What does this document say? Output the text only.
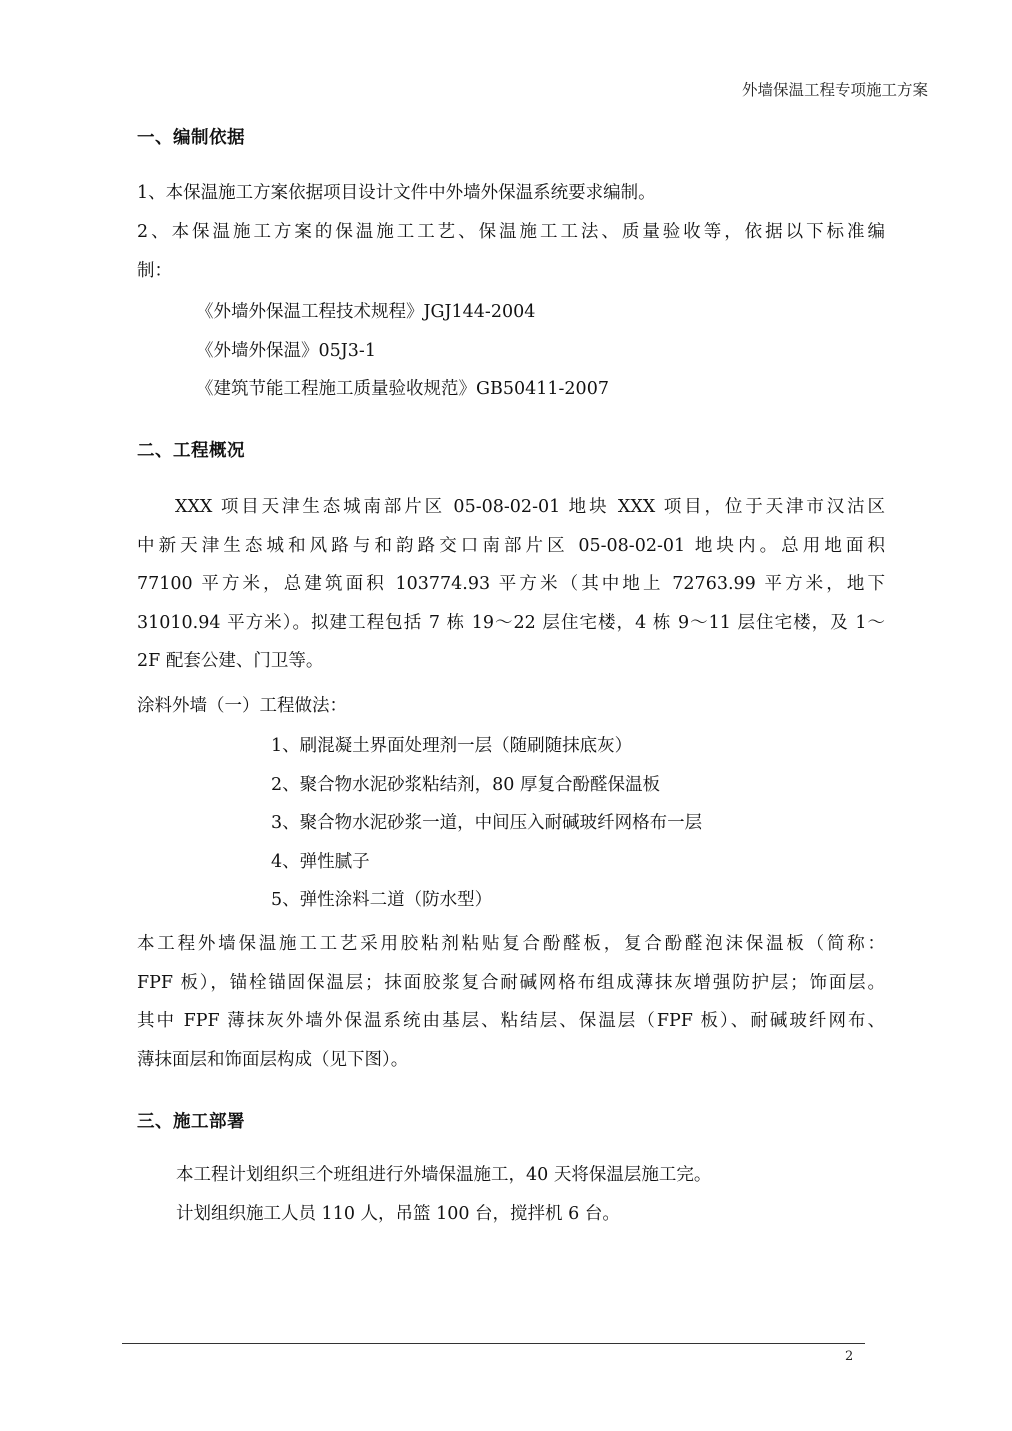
外墙保温工程专项施工方案
一、编制依据

1、本保温施工方案依据项目设计文件中外墙外保温系统要求编制。

2、本保温施工方案的保温施工工艺、保温施工工法、质量验收等，依据以下标准编
制：

《外墙外保温工程技术规程》JGJ144-2004
《外墙外保温》05J3-1
《建筑节能工程施工质量验收规范》GB50411-2007
二、工程概况

XXX 项目天津生态城南部片区 05-08-02-01 地块 XXX 项目，位于天津市汉沽区
中新天津生态城和风路与和韵路交口南部片区 05-08-02-01 地块内。总用地面积
77100 平方米，总建筑面积 103774.93 平方米（其中地上 72763.99 平方米，地下
31010.94 平方米）。拟建工程包括 7 栋 19～22 层住宅楼，4 栋 9～11 层住宅楼，及 1～
2F 配套公建、门卫等。

涂料外墙（一）工程做法：

1、刷混凝土界面处理剂一层（随刷随抹底灰）
2、聚合物水泥砂浆粘结剂，80 厚复合酚醛保温板
3、聚合物水泥砂浆一道，中间压入耐碱玻纤网格布一层
4、弹性腻子
5、弹性涂料二道（防水型）

本工程外墙保温施工工艺采用胶粘剂粘贴复合酚醛板，复合酚醛泡沫保温板（简称：
FPF 板），锚栓锚固保温层；抹面胶浆复合耐碱网格布组成薄抹灰增强防护层；饰面层。
其中 FPF 薄抹灰外墙外保温系统由基层、粘结层、保温层（FPF 板）、耐碱玻纤网布、
薄抹面层和饰面层构成（见下图）。

三、施工部署

本工程计划组织三个班组进行外墙保温施工，40 天将保温层施工完。

计划组织施工人员 110 人，吊篮 100 台，搅拌机 6 台。

2
